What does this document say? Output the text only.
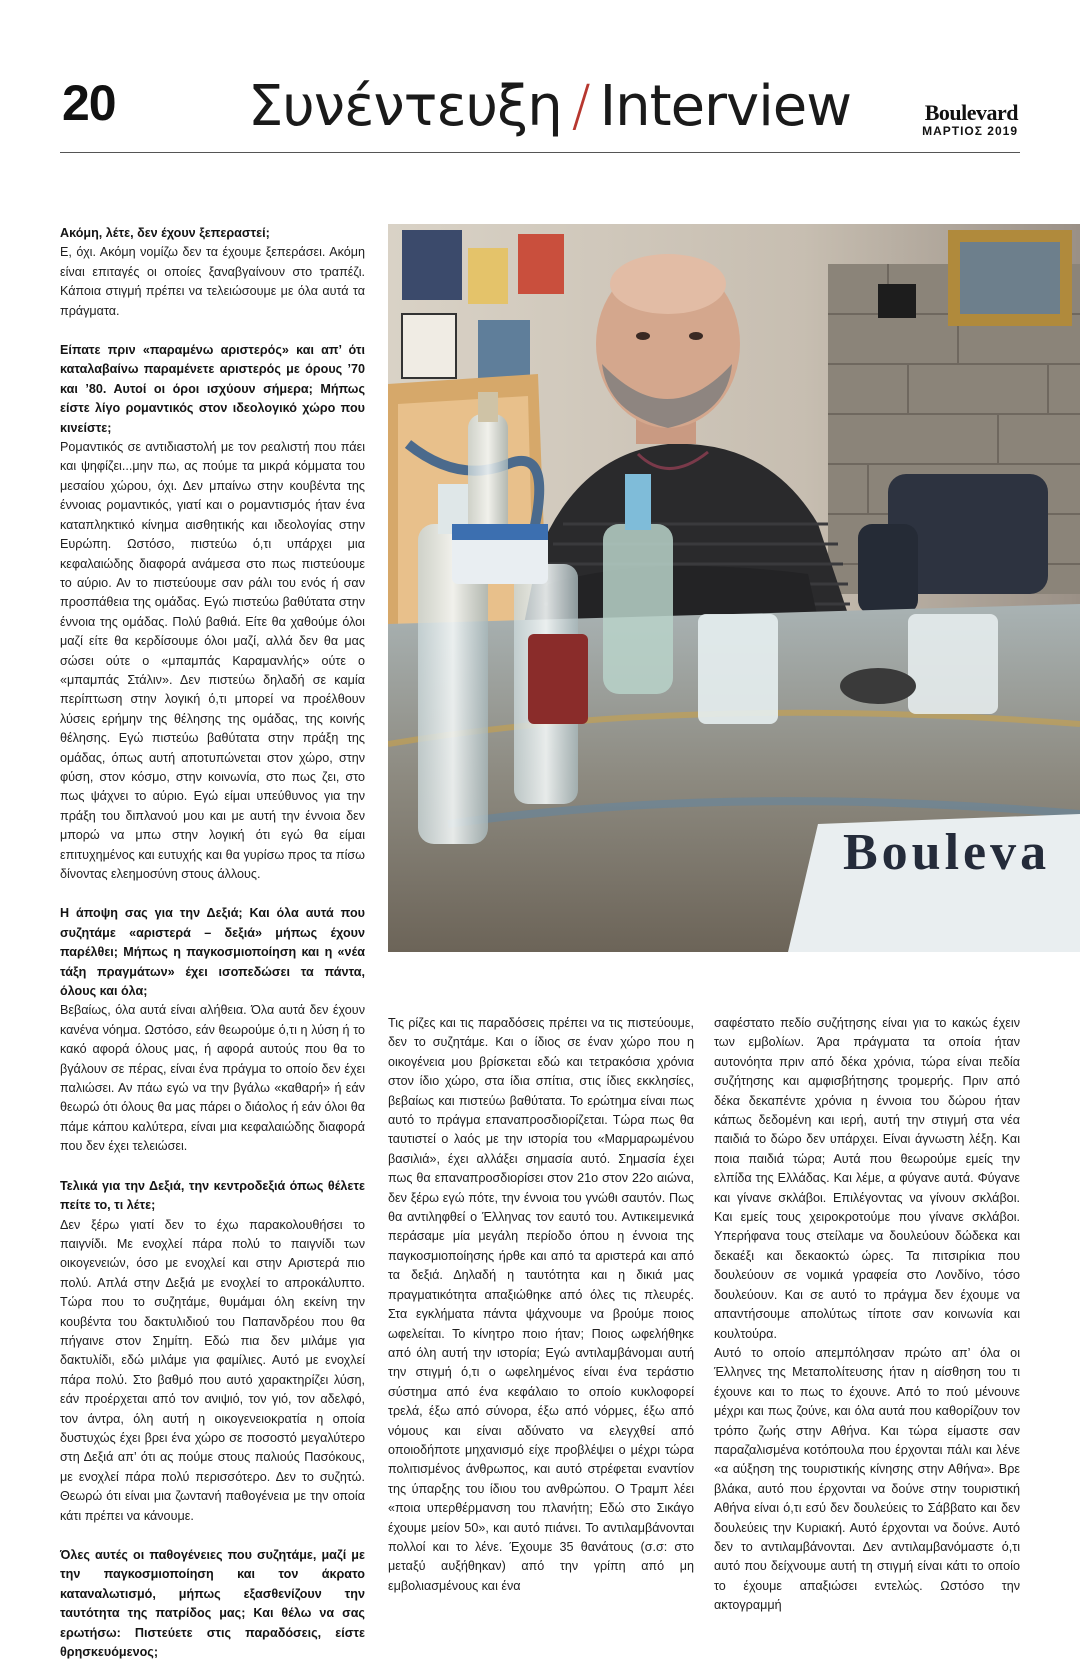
20 Συνέντευξη / Interview	Boulevard
ΜΑΡΤΙΟΣ 2019

Ακόμη, λέτε, δεν έχουν ξεπεραστεί;
Ε, όχι. Ακόμη νομίζω δεν τα έχουμε ξεπεράσει. Ακόμη είναι επιταγές οι οποίες ξαναβγαίνουν στο τραπέζι. Κάποια στιγμή πρέπει να τελειώσουμε με όλα αυτά τα πράγματα.

Είπατε πριν «παραμένω αριστερός» και απ’ ότι καταλαβαίνω παραμένετε αριστερός με όρους ’70 και ’80. Αυτοί οι όροι ισχύουν σήμερα; Μήπως είστε λίγο ρομαντικός στον ιδεολογικό χώρο που κινείστε;
Ρομαντικός σε αντιδιαστολή με τον ρεαλιστή που πάει και ψηφίζει...μην πω, ας πούμε τα μικρά κόμματα του μεσαίου χώρου, όχι. Δεν μπαίνω στην κουβέντα της έννοιας ρομαντικός, γιατί και ο ρομαντισμός ήταν ένα καταπληκτικό κίνημα αισθητικής και ιδεολογίας στην Ευρώπη. Ωστόσο, πιστεύω ό,τι υπάρχει μια κεφαλαιώδης διαφορά ανάμεσα στο πως πιστεύουμε το αύριο. Αν το πιστεύουμε σαν ράλι του ενός ή σαν προσπάθεια της ομάδας. Εγώ πιστεύω βαθύτατα στην έννοια της ομάδας. Πολύ βαθιά. Είτε θα χαθούμε όλοι μαζί είτε θα κερδίσουμε όλοι μαζί, αλλά δεν θα μας σώσει ούτε ο «μπαμπάς Καραμανλής» ούτε ο «μπαμπάς Στάλιν». Δεν πιστεύω δηλαδή σε καμία περίπτωση στην λογική ό,τι μπορεί να προέλθουν λύσεις ερήμην της θέλησης της ομάδας, της κοινής θέλησης. Εγώ πιστεύω βαθύτατα στην πράξη της ομάδας, όπως αυτή αποτυπώνεται στον χώρο, στην φύση, στον κόσμο, στην κοινωνία, στο πως ζει, στο πως ψάχνει το αύριο. Εγώ είμαι υπεύθυνος για την πράξη του διπλανού μου και με αυτή την έννοια δεν μπορώ να μπω στην λογική ότι εγώ θα είμαι επιτυχημένος και ευτυχής και θα γυρίσω προς τα πίσω δίνοντας ελεημοσύνη στους άλλους.

Η άποψη σας για την Δεξιά; Και όλα αυτά που συζητάμε «αριστερά – δεξιά» μήπως έχουν παρέλθει; Μήπως η παγκοσμιοποίηση και η «νέα τάξη πραγμάτων» έχει ισοπεδώσει τα πάντα, όλους και όλα;
Βεβαίως, όλα αυτά είναι αλήθεια. Όλα αυτά δεν έχουν κανένα νόημα. Ωστόσο, εάν θεωρούμε ό,τι η λύση ή το κακό αφορά όλους μας, ή αφορά αυτούς που θα το βγάλουν σε πέρας, είναι ένα πράγμα το οποίο δεν έχει παλιώσει. Αν πάω εγώ να την βγάλω «καθαρή» ή εάν θεωρώ ότι όλους θα μας πάρει ο διάολος ή εάν όλοι θα πάμε κάπου καλύτερα, είναι μια κεφαλαιώδης διαφορά που δεν έχει τελειώσει.

Τελικά για την Δεξιά, την κεντροδεξιά όπως θέλετε πείτε το, τι λέτε;
Δεν ξέρω γιατί δεν το έχω παρακολουθήσει το παιγνίδι. Με ενοχλεί πάρα πολύ το παιγνίδι των οικογενειών, όσο με ενοχλεί και στην Αριστερά πιο πολύ. Απλά στην Δεξιά με ενοχλεί το απροκάλυπτο. Τώρα που το συζητάμε, θυμάμαι όλη εκείνη την κουβέντα του δακτυλιδιού του Παπανδρέου που θα πήγαινε στον Σημίτη. Εδώ πια δεν μιλάμε για δακτυλίδι, εδώ μιλάμε για φαμίλιες. Αυτό με ενοχλεί πάρα πολύ. Στο βαθμό που αυτό χαρακτηρίζει λύση, εάν προέρχεται από τον ανιψιό, τον γιό, τον αδελφό, τον άντρα, όλη αυτή η οικογενειοκρατία η οποία δυστυχώς έχει βρει ένα χώρο σε ποσοστό μεγαλύτερο στη Δεξιά απ’ ότι ας πούμε στους παλιούς Πασόκους, με ενοχλεί πάρα πολύ περισσότερο. Δεν το συζητώ. Θεωρώ ότι είναι μια ζωντανή παθογένεια με την οποία κάτι πρέπει να κάνουμε.

Όλες αυτές οι παθογένειες που συζητάμε, μαζί με την παγκοσμιοποίηση και τον άκρατο καταναλωτισμό, μήπως εξασθενίζουν την ταυτότητα της πατρίδος μας; Και θέλω να σας ερωτήσω: Πιστεύετε στις παραδόσεις, είστε θρησκευόμενος;

Bouleva

Τις ρίζες και τις παραδόσεις πρέπει να τις πιστεύουμε, δεν το συζητάμε. Και ο ίδιος σε έναν χώρο που η οικογένεια μου βρίσκεται εδώ και τετρακόσια χρόνια στον ίδιο χώρο, στα ίδια σπίτια, στις ίδιες εκκλησίες, βεβαίως και πιστεύω βαθύτατα. Το ερώτημα είναι πως αυτό το πράγμα επαναπροσδιορίζεται. Τώρα πως θα ταυτιστεί ο λαός με την ιστορία του «Μαρμαρωμένου βασιλιά», έχει αλλάξει σημασία αυτό. Σημασία έχει πως θα επαναπροσδιορίσει στον 21ο στον 22ο αιώνα, δεν ξέρω εγώ πότε, την έννοια του γνώθι σαυτόν. Πως θα αντιληφθεί ο Έλληνας τον εαυτό του. Αντικειμενικά περάσαμε μία μεγάλη περίοδο όπου η έννοια της παγκοσμιοποίησης ήρθε και από τα αριστερά και από τα δεξιά. Δηλαδή η ταυτότητα και η δικιά μας πραγματικότητα απαξιώθηκε από όλες τις πλευρές. Στα εγκλήματα πάντα ψάχνουμε να βρούμε ποιος ωφελείται. Το κίνητρο ποιο ήταν; Ποιος ωφελήθηκε από όλη αυτή την ιστορία; Εγώ αντιλαμβάνομαι αυτή την στιγμή ό,τι ο ωφελημένος είναι ένα τεράστιο σύστημα από ένα κεφάλαιο το οποίο κυκλοφορεί τρελά, έξω από σύνορα, έξω από νόρμες, έξω από νόμους και είναι αδύνατο να ελεγχθεί από οποιοδήποτε μηχανισμό είχε προβλέψει ο μέχρι τώρα πολιτισμένος άνθρωπος, και αυτό στρέφεται εναντίον της ύπαρξης του ίδιου του ανθρώπου. Ο Τραμπ λέει «ποια υπερθέρμανση του πλανήτη; Εδώ στο Σικάγο έχουμε μείον 50», και αυτό πιάνει. Το αντιλαμβάνονται πολλοί και το λένε. Έχουμε 35 θανάτους (σ.σ: στο μεταξύ αυξήθηκαν) από την γρίπη από μη εμβολιασμένους και ένα

σαφέστατο πεδίο συζήτησης είναι για το κακώς έχειν των εμβολίων. Άρα πράγματα τα οποία ήταν αυτονόητα πριν από δέκα χρόνια, τώρα είναι πεδία συζήτησης και αμφισβήτησης τρομερής. Πριν από δέκα δεκαπέντε χρόνια η έννοια του δώρου ήταν κάπως δεδομένη και ιερή, αυτή την στιγμή στα νέα παιδιά το δώρο δεν υπάρχει. Είναι άγνωστη λέξη. Και ποια παιδιά τώρα; Αυτά που θεωρούμε εμείς την ελπίδα της Ελλάδας. Και λέμε, α φύγανε αυτά. Φύγανε και γίνανε σκλάβοι. Επιλέγοντας να γίνουν σκλάβοι. Και εμείς τους χειροκροτούμε που γίνανε σκλάβοι. Υπερήφανα τους στείλαμε να δουλεύουν δώδεκα και δεκαέξι και δεκαοκτώ ώρες. Τα πιτσιρίκια που δουλεύουν σε νομικά γραφεία στο Λονδίνο, τόσο δουλεύουν. Και σε αυτό το πράγμα δεν έχουμε να απαντήσουμε απολύτως τίποτε σαν κοινωνία και κουλτούρα.

Αυτό το οποίο απεμπόλησαν πρώτο απ’ όλα οι Έλληνες της Μεταπολίτευσης ήταν η αίσθηση του τι έχουνε και το πως το έχουνε. Από το πού μένουνε μέχρι και πως ζούνε, και όλα αυτά που καθορίζουν τον τρόπο ζωής στην Αθήνα. Και τώρα είμαστε σαν παραζαλισμένα κοτόπουλα που έρχονται πάλι και λένε «α αύξηση της τουριστικής κίνησης στην Αθήνα». Βρε βλάκα, αυτό που έρχονται να δούνε στην τουριστική Αθήνα είναι ό,τι εσύ δεν δουλεύεις το Σάββατο και δεν δουλεύεις την Κυριακή. Αυτό έρχονται να δούνε. Αυτό δεν το αντιλαμβάνονται. Δεν αντιλαμβανόμαστε ό,τι αυτό που δείχνουμε αυτή τη στιγμή είναι κάτι το οποίο το έχουμε απαξιώσει εντελώς. Ωστόσο την ακτογραμμή
